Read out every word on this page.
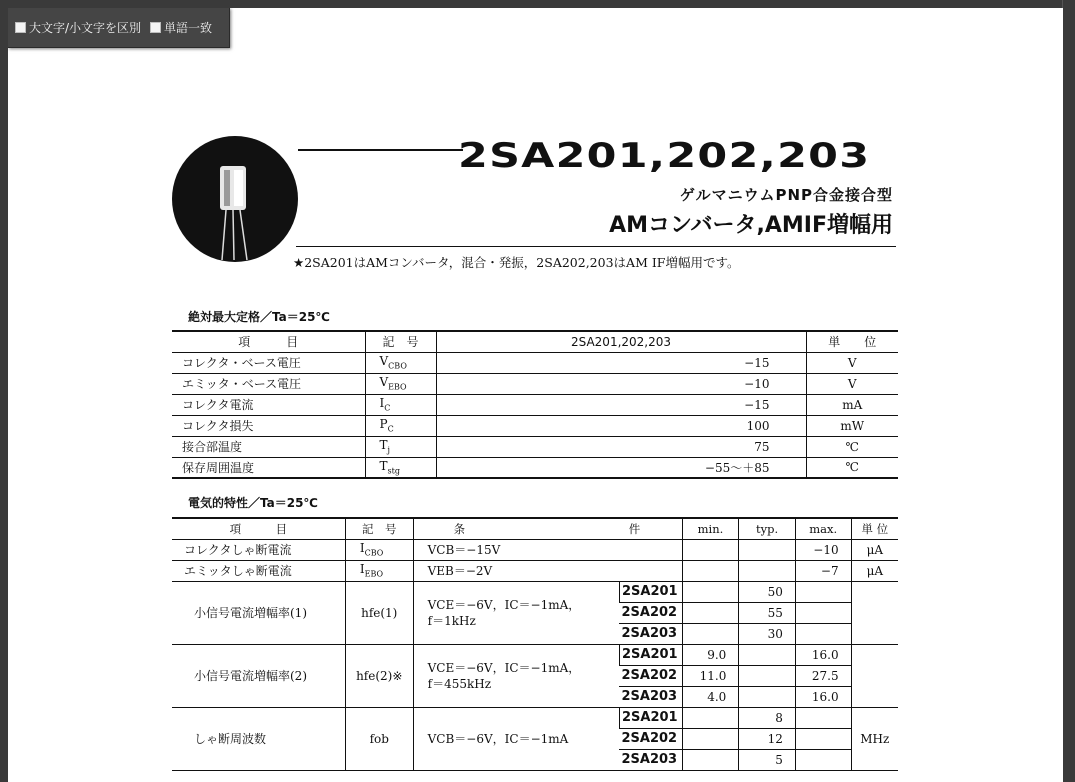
大文字/小文字を区別 単語一致
2SA201,202,203
ゲルマニウムPNP合金接合型
AMコンバータ,AMIF増幅用
★2SA201はAMコンバータ，混合・発振，2SA202,203はAM IF増幅用です。
絶対最大定格／Ta＝25℃
項　　　目	記　号	2SA201,202,203	単　　位
コレクタ・ベース電圧	$V_{CBO}$	−15	V
エミッタ・ベース電圧	$V_{EBO}$	−10	V
コレクタ電流	$I_C$	−15	mA
コレクタ損失	$P_C$	100	mW
接合部温度	$T_j$	75	℃
保存周囲温度	$T_{stg}$	−55〜＋85	℃
電気的特性／Ta＝25℃
項　　　目	記　号	条 件		min.	typ.	max.	単 位
コレクタしゃ断電流	$I_{CBO}$	VCB＝−15V				−10	μA
エミッタしゃ断電流	$I_{EBO}$	VEB＝−2V				−7	μA
小信号電流増幅率(1)	hfe(1)	VCE＝−6V，IC＝−1mA，
f＝1kHz	2SA201		50		
			2SA202		55		
			2SA203		30		
小信号電流増幅率(2)	hfe(2)※	VCE＝−6V，IC＝−1mA，
f＝455kHz	2SA201	9.0		16.0	
			2SA202	11.0		27.5	
			2SA203	4.0		16.0	
しゃ断周波数	fob	VCB＝−6V，IC＝−1mA	2SA201		8		MHz
			2SA202		12		
			2SA203		5		
